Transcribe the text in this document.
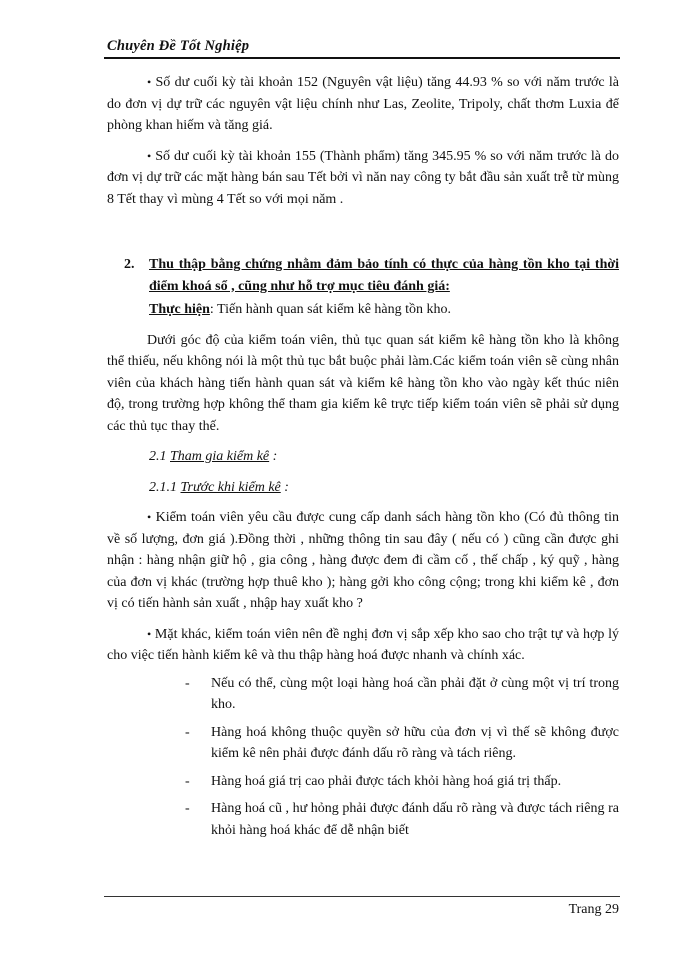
Chuyên Đề Tốt Nghiệp

• Số dư cuối kỳ tài khoản 152 (Nguyên vật liệu) tăng 44.93 % so với năm trước là do đơn vị dự trữ các nguyên vật liệu chính như Las, Zeolite, Tripoly, chất thơm Luxia để phòng khan hiếm và tăng giá.

• Số dư cuối kỳ tài khoản 155 (Thành phẩm) tăng 345.95 % so với năm trước là do đơn vị dự trữ các mặt hàng bán sau Tết bởi vì năn nay công ty bắt đầu sản xuất trễ từ mùng 8 Tết thay vì mùng 4 Tết so với mọi năm .

2.	Thu thập bằng chứng nhằm đảm bảo tính có thực của hàng tồn kho tại thời điểm khoá sổ , cũng như hỗ trợ mục tiêu đánh giá:

Thực hiện: Tiến hành quan sát kiểm kê hàng tồn kho.

Dưới góc độ của kiểm toán viên, thủ tục quan sát kiểm kê hàng tồn kho là không thể thiếu, nếu không nói là một thủ tục bắt buộc phải làm.Các kiểm toán viên sẽ cùng nhân viên của khách hàng tiến hành quan sát và kiểm kê hàng tồn kho vào ngày kết thúc niên độ, trong trường hợp không thể tham gia kiểm kê trực tiếp kiểm toán viên sẽ phải sử dụng các thủ tục thay thế.

2.1 Tham gia kiểm kê :

2.1.1 Trước khi kiểm kê :

• Kiểm toán viên yêu cầu được cung cấp danh sách hàng tồn kho (Có đủ thông tin về số lượng, đơn giá ).Đồng thời , những thông tin sau đây ( nếu có ) cũng cần được ghi nhận : hàng nhận giữ hộ , gia công , hàng được đem đi cầm cố , thế chấp , ký quỹ , hàng của đơn vị khác (trường hợp thuê kho ); hàng gởi kho công cộng; trong khi kiểm kê , đơn vị có tiến hành sản xuất , nhập hay xuất kho ?

• Mặt khác, kiểm toán viên nên đề nghị đơn vị sắp xếp kho sao cho trật tự và hợp lý cho việc tiến hành kiểm kê và thu thập hàng hoá được nhanh và chính xác.

-	Nếu có thể, cùng một loại hàng hoá cần phải đặt ở cùng một vị trí trong kho.
-	Hàng hoá không thuộc quyền sở hữu của đơn vị vì thế sẽ không được kiểm kê nên phải được đánh dấu rõ ràng và tách riêng.
-	Hàng hoá giá trị cao phải được tách khỏi hàng hoá giá trị thấp.
-	Hàng hoá cũ , hư hỏng phải được đánh dấu rõ ràng và được tách riêng ra khỏi hàng hoá khác để dễ nhận biết
Trang 29
